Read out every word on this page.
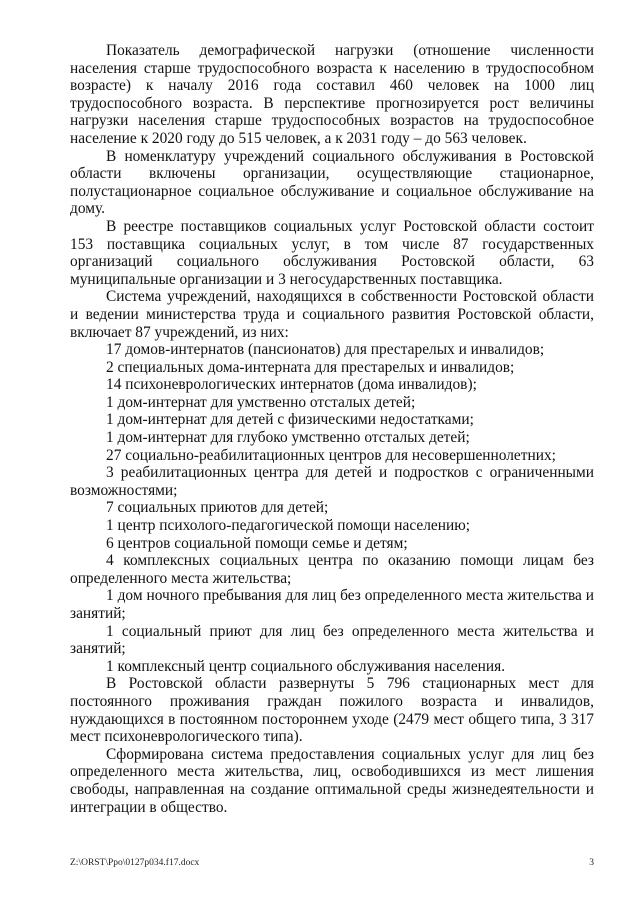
Показатель демографической нагрузки (отношение численности населения старше трудоспособного возраста к населению в трудоспособном возрасте) к началу 2016 года составил 460 человек на 1000 лиц трудоспособного возраста. В перспективе прогнозируется рост величины нагрузки населения старше трудоспособных возрастов на трудоспособное население к 2020 году до 515 человек, а к 2031 году – до 563 человек.

В номенклатуру учреждений социального обслуживания в Ростовской области включены организации, осуществляющие стационарное, полустационарное социальное обслуживание и социальное обслуживание на дому.

В реестре поставщиков социальных услуг Ростовской области состоит 153 поставщика социальных услуг, в том числе 87 государственных организаций социального обслуживания Ростовской области, 63 муниципальные организации и 3 негосударственных поставщика.

Система учреждений, находящихся в собственности Ростовской области и ведении министерства труда и социального развития Ростовской области, включает 87 учреждений, из них:

17 домов-интернатов (пансионатов) для престарелых и инвалидов;

2 специальных дома-интерната для престарелых и инвалидов;

14 психоневрологических интернатов (дома инвалидов);

1 дом-интернат для умственно отсталых детей;

1 дом-интернат для детей с физическими недостатками;

1 дом-интернат для глубоко умственно отсталых детей;

27 социально-реабилитационных центров для несовершеннолетних;

3 реабилитационных центра для детей и подростков с ограниченными возможностями;

7 социальных приютов для детей;

1 центр психолого-педагогической помощи населению;

6 центров социальной помощи семье и детям;

4 комплексных социальных центра по оказанию помощи лицам без определенного места жительства;

1 дом ночного пребывания для лиц без определенного места жительства и занятий;

1 социальный приют для лиц без определенного места жительства и занятий;

1 комплексный центр социального обслуживания населения.

В Ростовской области развернуты 5 796 стационарных мест для постоянного проживания граждан пожилого возраста и инвалидов, нуждающихся в постоянном постороннем уходе (2479 мест общего типа, 3 317 мест психоневрологического типа).

Сформирована система предоставления социальных услуг для лиц без определенного места жительства, лиц, освободившихся из мест лишения свободы, направленная на создание оптимальной среды жизнедеятельности и интеграции в общество.

Z:\ORST\Ppo\0127p034.f17.docx	3
